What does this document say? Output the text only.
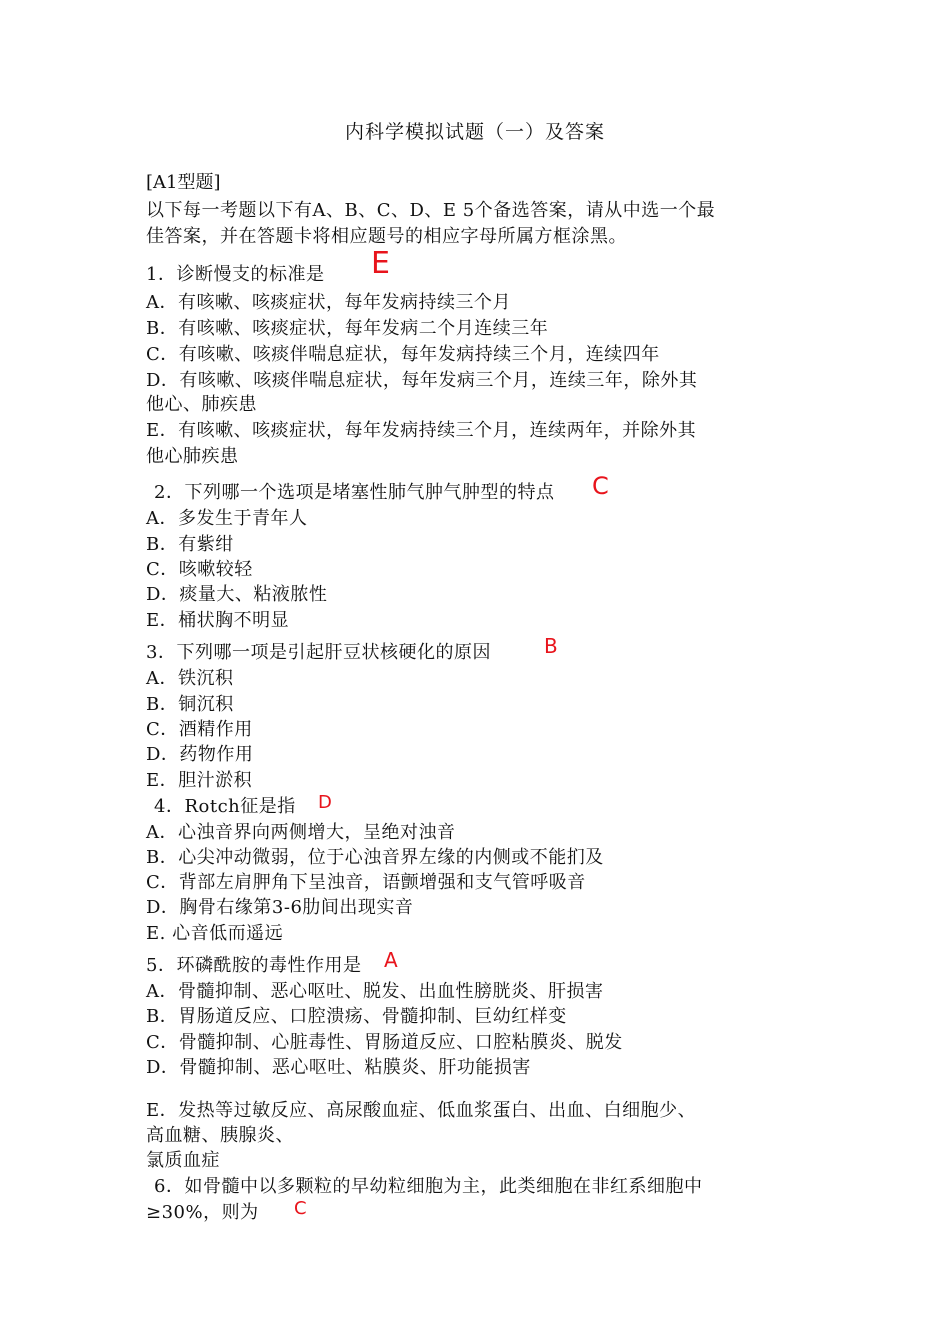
内科学模拟试题（一）及答案
[A1型题]
以下每一考题以下有A、B、C、D、E 5个备选答案，请从中选一个最
佳答案，并在答题卡将相应题号的相应字母所属方框涂黑。
1．诊断慢支的标准是 E
A．有咳嗽、咳痰症状，每年发病持续三个月
B．有咳嗽、咳痰症状，每年发病二个月连续三年
C．有咳嗽、咳痰伴喘息症状，每年发病持续三个月，连续四年
D．有咳嗽、咳痰伴喘息症状，每年发病三个月，连续三年，除外其
他心、肺疾患
E．有咳嗽、咳痰症状，每年发病持续三个月，连续两年，并除外其
他心肺疾患
2．下列哪一个选项是堵塞性肺气肿气肿型的特点 C
A．多发生于青年人
B．有紫绀
C．咳嗽较轻
D．痰量大、粘液脓性
E．桶状胸不明显
3．下列哪一项是引起肝豆状核硬化的原因	B
A．铁沉积
B．铜沉积
C．酒精作用
D．药物作用
E．胆汁淤积
4．Rotch征是指 D
A．心浊音界向两侧增大，呈绝对浊音
B．心尖冲动微弱，位于心浊音界左缘的内侧或不能扪及
C．背部左肩胛角下呈浊音，语颤增强和支气管呼吸音
D．胸骨右缘第3-6肋间出现实音
E. 心音低而遥远
5．环磷酰胺的毒性作用是 A
A．骨髓抑制、恶心呕吐、脱发、出血性膀胱炎、肝损害
B．胃肠道反应、口腔溃疡、骨髓抑制、巨幼红样变
C．骨髓抑制、心脏毒性、胃肠道反应、口腔粘膜炎、脱发
D．骨髓抑制、恶心呕吐、粘膜炎、肝功能损害
E．发热等过敏反应、高尿酸血症、低血浆蛋白、出血、白细胞少、
高血糖、胰腺炎、
氯质血症
6．如骨髓中以多颗粒的早幼粒细胞为主，此类细胞在非红系细胞中
≥30%，则为 C
